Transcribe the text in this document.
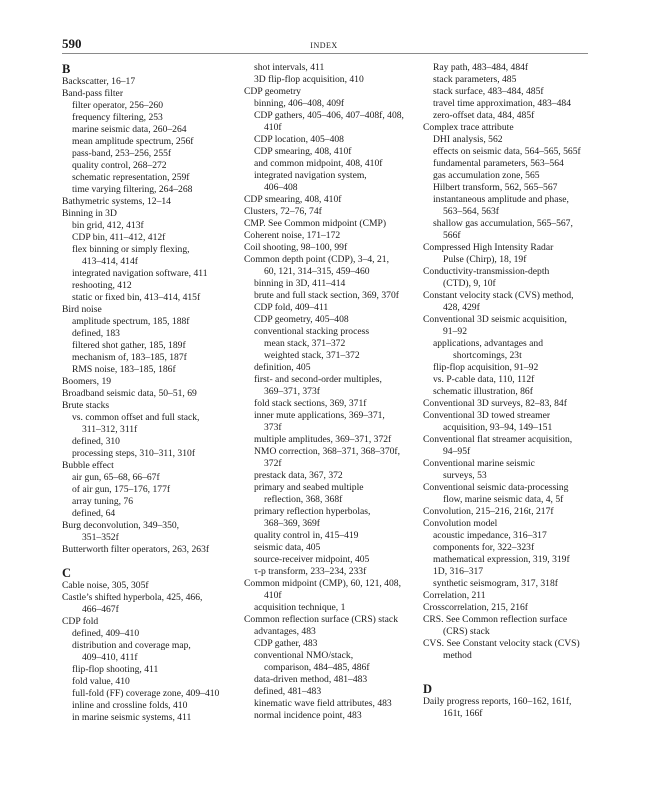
590	INDEX
B
Backscatter, 16–17
Band-pass filter
filter operator, 256–260
frequency filtering, 253
marine seismic data, 260–264
mean amplitude spectrum, 256f
pass-band, 253–256, 255f
quality control, 268–272
schematic representation, 259f
time varying filtering, 264–268
Bathymetric systems, 12–14
Binning in 3D
bin grid, 412, 413f
CDP bin, 411–412, 412f
flex binning or simply flexing,
413–414, 414f
integrated navigation software, 411
reshooting, 412
static or fixed bin, 413–414, 415f
Bird noise
amplitude spectrum, 185, 188f
defined, 183
filtered shot gather, 185, 189f
mechanism of, 183–185, 187f
RMS noise, 183–185, 186f
Boomers, 19
Broadband seismic data, 50–51, 69
Brute stacks
vs. common offset and full stack,
311–312, 311f
defined, 310
processing steps, 310–311, 310f
Bubble effect
air gun, 65–68, 66–67f
of air gun, 175–176, 177f
array tuning, 76
defined, 64
Burg deconvolution, 349–350,
351–352f
Butterworth filter operators, 263, 263f
C
Cable noise, 305, 305f
Castle’s shifted hyperbola, 425, 466,
466–467f
CDP fold
defined, 409–410
distribution and coverage map,
409–410, 411f
flip-flop shooting, 411
fold value, 410
full-fold (FF) coverage zone, 409–410
inline and crossline folds, 410
in marine seismic systems, 411
shot intervals, 411
3D flip-flop acquisition, 410
CDP geometry
binning, 406–408, 409f
CDP gathers, 405–406, 407–408f, 408,
410f
CDP location, 405–408
CDP smearing, 408, 410f
and common midpoint, 408, 410f
integrated navigation system,
406–408
CDP smearing, 408, 410f
Clusters, 72–76, 74f
CMP. See Common midpoint (CMP)
Coherent noise, 171–172
Coil shooting, 98–100, 99f
Common depth point (CDP), 3–4, 21,
60, 121, 314–315, 459–460
binning in 3D, 411–414
brute and full stack section, 369, 370f
CDP fold, 409–411
CDP geometry, 405–408
conventional stacking process
mean stack, 371–372
weighted stack, 371–372
definition, 405
first- and second-order multiples,
369–371, 373f
fold stack sections, 369, 371f
inner mute applications, 369–371,
373f
multiple amplitudes, 369–371, 372f
NMO correction, 368–371, 368–370f,
372f
prestack data, 367, 372
primary and seabed multiple
reflection, 368, 368f
primary reflection hyperbolas,
368–369, 369f
quality control in, 415–419
seismic data, 405
source-receiver midpoint, 405
τ-p transform, 233–234, 233f
Common midpoint (CMP), 60, 121, 408,
410f
acquisition technique, 1
Common reflection surface (CRS) stack
advantages, 483
CDP gather, 483
conventional NMO/stack,
comparison, 484–485, 486f
data-driven method, 481–483
defined, 481–483
kinematic wave field attributes, 483
normal incidence point, 483
Ray path, 483–484, 484f
stack parameters, 485
stack surface, 483–484, 485f
travel time approximation, 483–484
zero-offset data, 484, 485f
Complex trace attribute
DHI analysis, 562
effects on seismic data, 564–565, 565f
fundamental parameters, 563–564
gas accumulation zone, 565
Hilbert transform, 562, 565–567
instantaneous amplitude and phase,
563–564, 563f
shallow gas accumulation, 565–567,
566f
Compressed High Intensity Radar
Pulse (Chirp), 18, 19f
Conductivity-transmission-depth
(CTD), 9, 10f
Constant velocity stack (CVS) method,
428, 429f
Conventional 3D seismic acquisition,
91–92
applications, advantages and
shortcomings, 23t
flip-flop acquisition, 91–92
vs. P-cable data, 110, 112f
schematic illustration, 86f
Conventional 3D surveys, 82–83, 84f
Conventional 3D towed streamer
acquisition, 93–94, 149–151
Conventional flat streamer acquisition,
94–95f
Conventional marine seismic
surveys, 53
Conventional seismic data-processing
flow, marine seismic data, 4, 5f
Convolution, 215–216, 216t, 217f
Convolution model
acoustic impedance, 316–317
components for, 322–323f
mathematical expression, 319, 319f
1D, 316–317
synthetic seismogram, 317, 318f
Correlation, 211
Crosscorrelation, 215, 216f
CRS. See Common reflection surface
(CRS) stack
CVS. See Constant velocity stack (CVS)
method
D
Daily progress reports, 160–162, 161f,
161t, 166f
